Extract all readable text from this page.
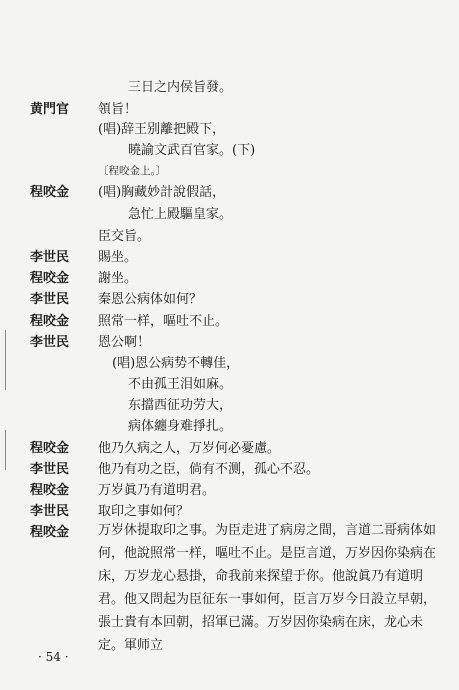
程咬金 万岁休提取印之事。为臣走进了病房之間，言道二哥病体如何，他說照常一样，嘔吐不止。是臣言道，万岁因你染病在床，万岁龙心悬掛，命我前来探望于你。他說眞乃有道明君。他又問起为臣征东一事如何，臣言万岁今日設立早朝，張士貴有本回朝，招軍已滿。万岁因你染病在床，龙心未定。軍师立
· 54 ·
三日之内侯旨發。
黄門官 領旨！
(唱)辞王别離把殿下，
曉諭文武百官家。(下)
〔程咬金上。〕
程咬金 (唱)胸藏妙計說假話，
急忙上殿驅皇家。
臣交旨。
李世民 賜坐。
程咬金 謝坐。
李世民 秦恩公病体如何？
程咬金 照常一样，嘔吐不止。
李世民 恩公啊！
(唱)恩公病势不轉佳，
不由孤王泪如麻。
东擋西征功劳大，
病体纏身难掙扎。
程咬金 他乃久病之人，万岁何必憂慮。
李世民 他乃有功之臣，倘有不测，孤心不忍。
程咬金 万岁眞乃有道明君。
李世民 取印之事如何？
